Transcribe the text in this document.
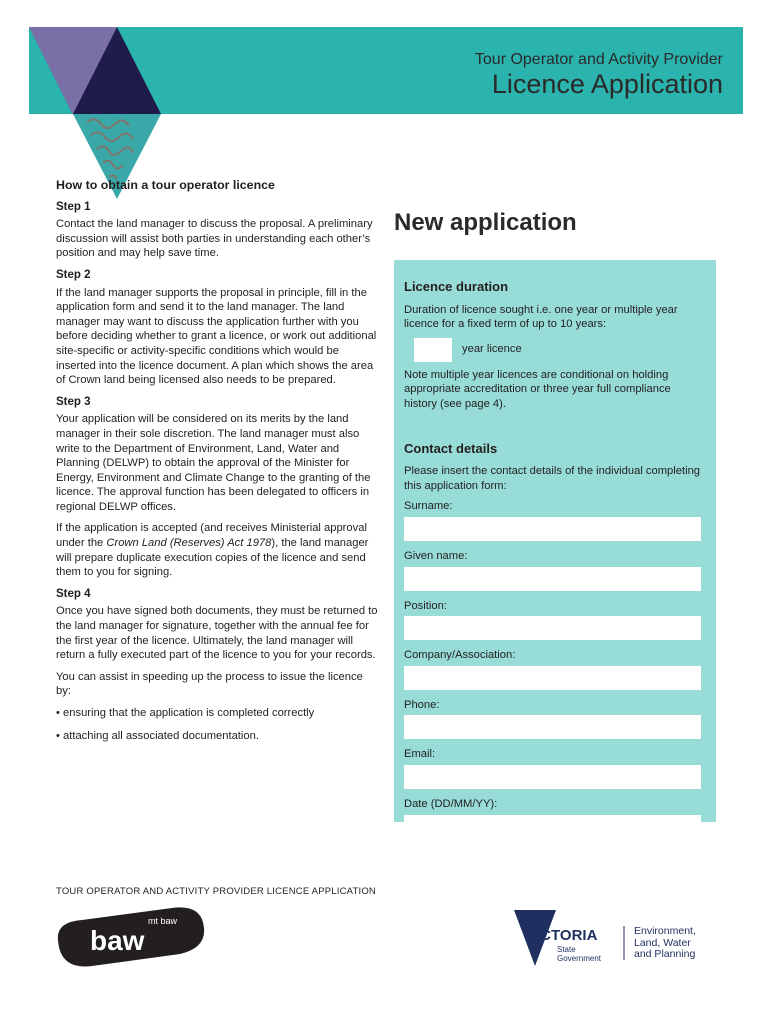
Tour Operator and Activity Provider
Licence Application
How to obtain a tour operator licence
Step 1

Contact the land manager to discuss the proposal. A preliminary discussion will assist both parties in understanding each other’s position and may help save time.

Step 2

If the land manager supports the proposal in principle, fill in the application form and send it to the land manager. The land manager may want to discuss the application further with you before deciding whether to grant a licence, or work out additional site-specific or activity-specific conditions which would be inserted into the licence document. A plan which shows the area of Crown land being licensed also needs to be prepared.

Step 3

Your application will be considered on its merits by the land manager in their sole discretion. The land manager must also write to the Department of Environment, Land, Water and Planning (DELWP) to obtain the approval of the Minister for Energy, Environment and Climate Change to the granting of the licence. The approval function has been delegated to officers in regional DELWP offices.

If the application is accepted (and receives Ministerial approval under the Crown Land (Reserves) Act 1978), the land manager will prepare duplicate execution copies of the licence and send them to you for signing.

Step 4

Once you have signed both documents, they must be returned to the land manager for signature, together with the annual fee for the first year of the licence. Ultimately, the land manager will return a fully executed part of the licence to you for your records.

You can assist in speeding up the process to issue the licence by:

• ensuring that the application is completed correctly

• attaching all associated documentation.

New application
Licence duration

Duration of licence sought i.e. one year or multiple year licence for a fixed term of up to 10 years:

year licence

Note multiple year licences are conditional on holding appropriate accreditation or three year full compliance history (see page 4).

Contact details

Please insert the contact details of the individual completing this application form:

Surname:
Given name:
Position:
Company/Association:
Phone:
Email:
Date (DD/MM/YY):
TOUR OPERATOR AND ACTIVITY PROVIDER LICENCE APPLICATION
mt baw
baw	VICTORIA
State
Government
Environment,
Land, Water
and Planning
